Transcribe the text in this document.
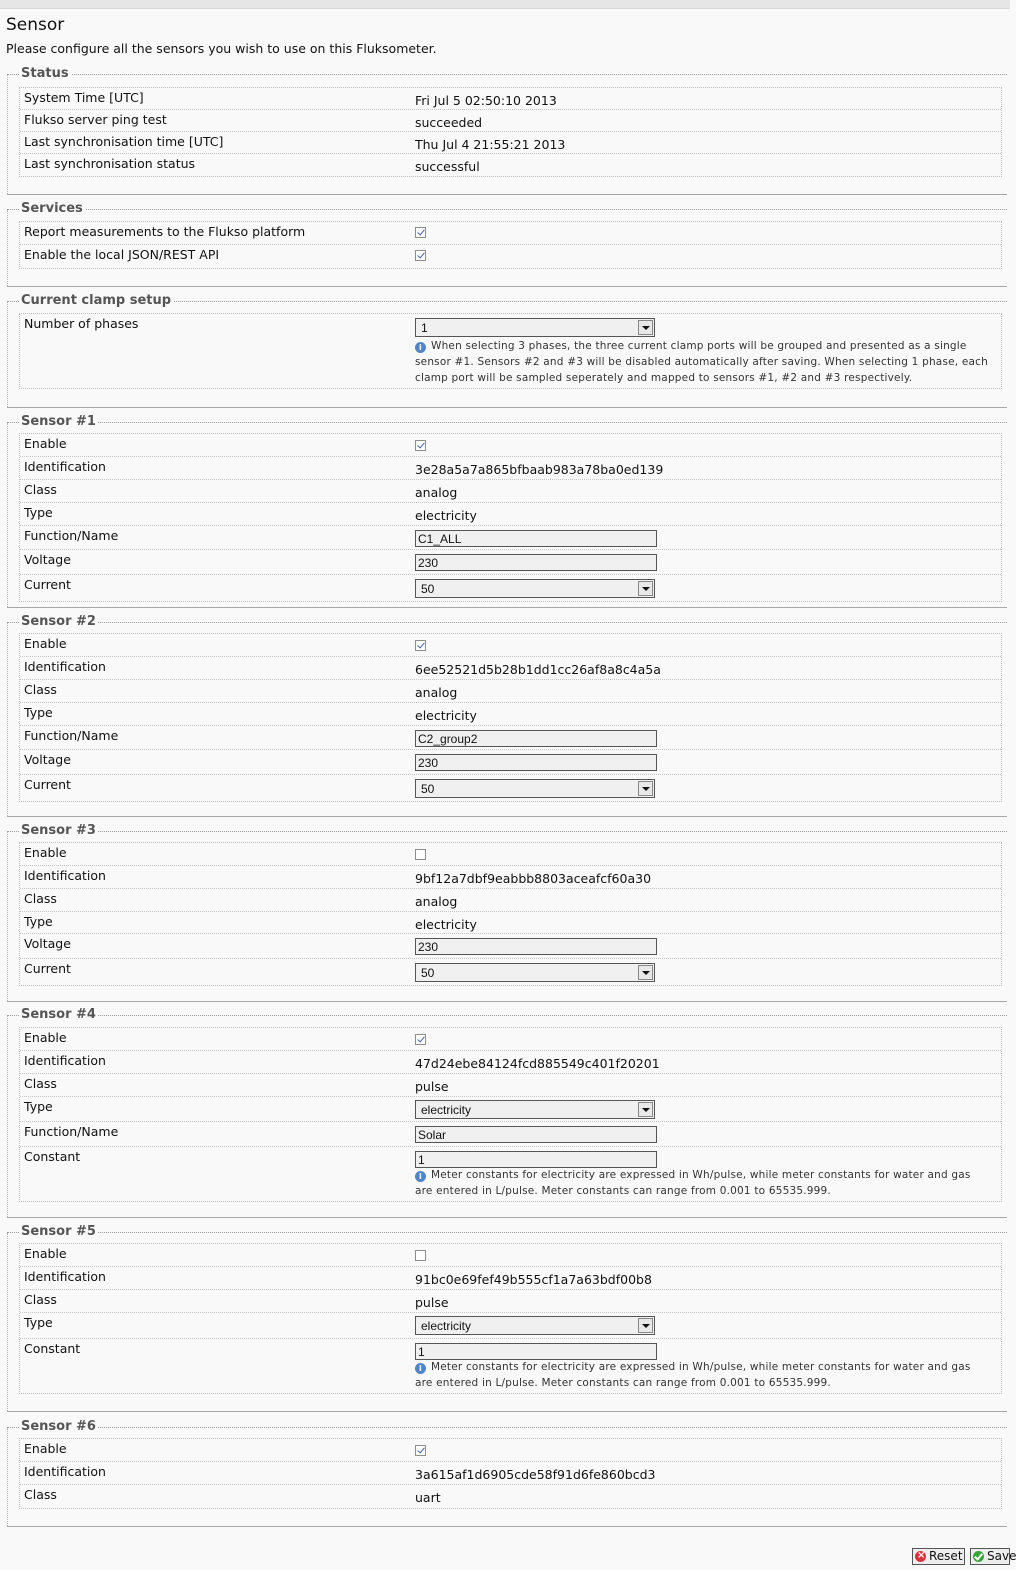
Sensor
Please configure all the sensors you wish to use on this Fluksometer.
Status
System Time [UTC]	Fri Jul 5 02:50:10 2013
Flukso server ping test	succeeded
Last synchronisation time [UTC]	Thu Jul 4 21:55:21 2013
Last synchronisation status	successful
Services
Report measurements to the Flukso platform
Enable the local JSON/REST API
Current clamp setup
Number of phases	1
i When selecting 3 phases, the three current clamp ports will be grouped and presented as a single sensor #1. Sensors #2 and #3 will be disabled automatically after saving. When selecting 1 phase, each clamp port will be sampled seperately and mapped to sensors #1, #2 and #3 respectively.
Sensor #1
Enable
Identification	3e28a5a7a865bfbaab983a78ba0ed139
Class	analog
Type	electricity
Function/Name	C1_ALL
Voltage	230
Current	50
Sensor #2
Enable
Identification	6ee52521d5b28b1dd1cc26af8a8c4a5a
Class	analog
Type	electricity
Function/Name	C2_group2
Voltage	230
Current	50
Sensor #3
Enable
Identification	9bf12a7dbf9eabbb8803aceafcf60a30
Class	analog
Type	electricity
Voltage	230
Current	50
Sensor #4
Enable
Identification	47d24ebe84124fcd885549c401f20201
Class	pulse
Type	electricity
Function/Name	Solar
Constant	1
i Meter constants for electricity are expressed in Wh/pulse, while meter constants for water and gas are entered in L/pulse. Meter constants can range from 0.001 to 65535.999.
Sensor #5
Enable
Identification	91bc0e69fef49b555cf1a7a63bdf00b8
Class	pulse
Type	electricity
Constant	1
i Meter constants for electricity are expressed in Wh/pulse, while meter constants for water and gas are entered in L/pulse. Meter constants can range from 0.001 to 65535.999.
Sensor #6
Enable
Identification	3a615af1d6905cde58f91d6fe860bcd3
Class	uart
×Reset	Save
